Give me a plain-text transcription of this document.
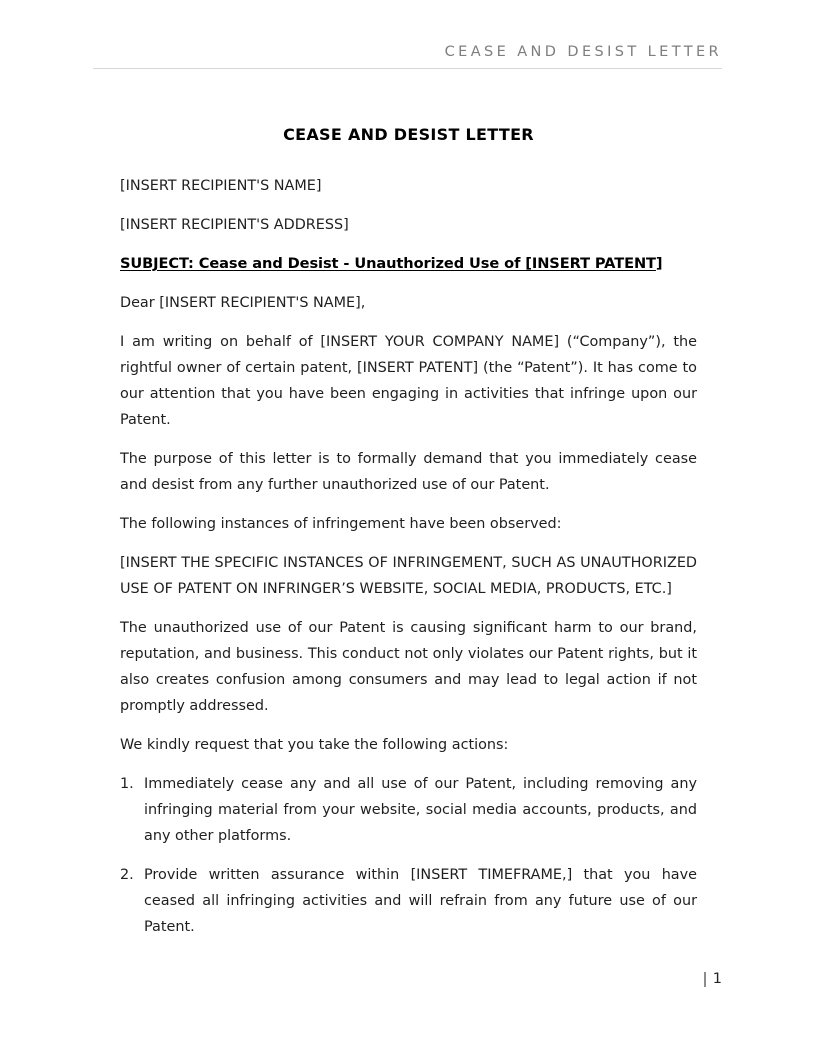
CEASE AND DESIST LETTER
CEASE AND DESIST LETTER

[INSERT RECIPIENT'S NAME]

[INSERT RECIPIENT'S ADDRESS]

SUBJECT: Cease and Desist - Unauthorized Use of [INSERT PATENT]

Dear [INSERT RECIPIENT'S NAME],

I am writing on behalf of [INSERT YOUR COMPANY NAME] (“Company”), the rightful owner of certain patent, [INSERT PATENT] (the “Patent”). It has come to our attention that you have been engaging in activities that infringe upon our Patent.

The purpose of this letter is to formally demand that you immediately cease and desist from any further unauthorized use of our Patent.

The following instances of infringement have been observed:

[INSERT THE SPECIFIC INSTANCES OF INFRINGEMENT, SUCH AS UNAUTHORIZED USE OF PATENT ON INFRINGER’S WEBSITE, SOCIAL MEDIA, PRODUCTS, ETC.]

The unauthorized use of our Patent is causing significant harm to our brand, reputation, and business. This conduct not only violates our Patent rights, but it also creates confusion among consumers and may lead to legal action if not promptly addressed.

We kindly request that you take the following actions:

Immediately cease any and all use of our Patent, including removing any infringing material from your website, social media accounts, products, and any other platforms.
Provide written assurance within [INSERT TIMEFRAME,] that you have ceased all infringing activities and will refrain from any future use of our Patent.
1
